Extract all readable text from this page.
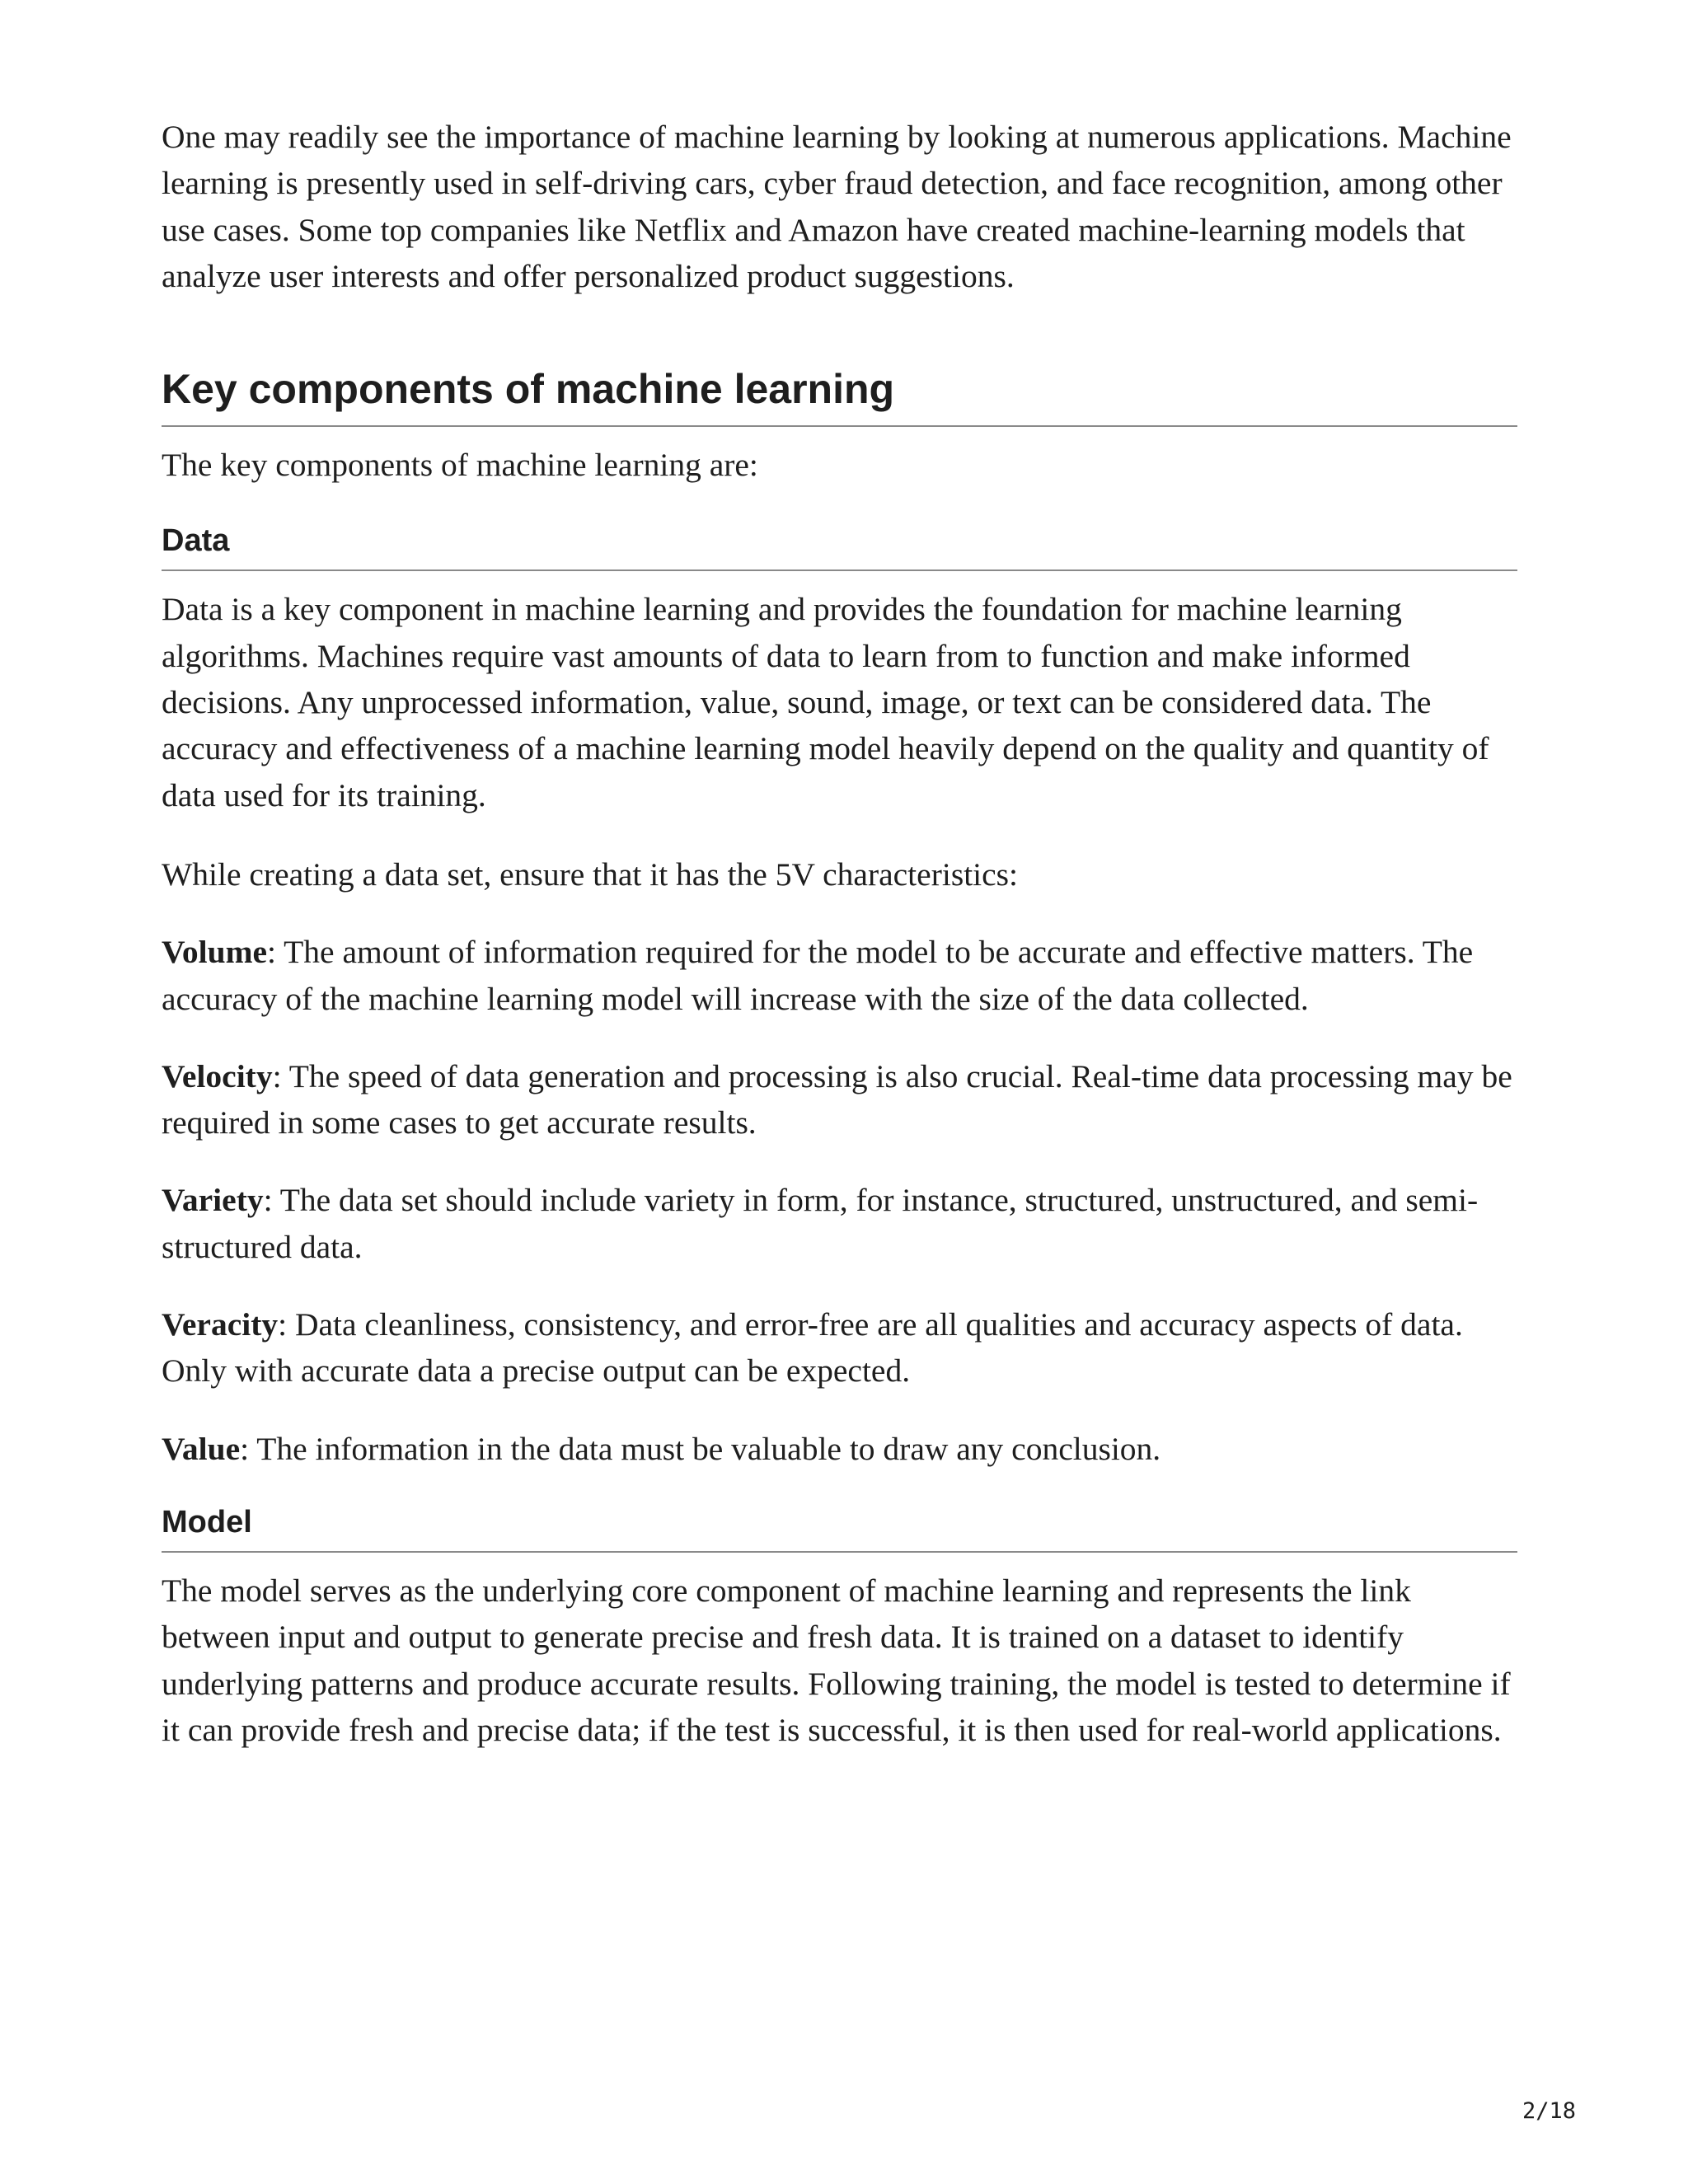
One may readily see the importance of machine learning by looking at numerous applications. Machine learning is presently used in self-driving cars, cyber fraud detection, and face recognition, among other use cases. Some top companies like Netflix and Amazon have created machine-learning models that analyze user interests and offer personalized product suggestions.

Key components of machine learning

The key components of machine learning are:

Data

Data is a key component in machine learning and provides the foundation for machine learning algorithms. Machines require vast amounts of data to learn from to function and make informed decisions. Any unprocessed information, value, sound, image, or text can be considered data. The accuracy and effectiveness of a machine learning model heavily depend on the quality and quantity of data used for its training.

While creating a data set, ensure that it has the 5V characteristics:

Volume: The amount of information required for the model to be accurate and effective matters. The accuracy of the machine learning model will increase with the size of the data collected.

Velocity: The speed of data generation and processing is also crucial. Real-time data processing may be required in some cases to get accurate results.

Variety: The data set should include variety in form, for instance, structured, unstructured, and semi-structured data.

Veracity: Data cleanliness, consistency, and error-free are all qualities and accuracy aspects of data. Only with accurate data a precise output can be expected.

Value: The information in the data must be valuable to draw any conclusion.

Model

The model serves as the underlying core component of machine learning and represents the link between input and output to generate precise and fresh data. It is trained on a dataset to identify underlying patterns and produce accurate results. Following training, the model is tested to determine if it can provide fresh and precise data; if the test is successful, it is then used for real-world applications.

2/18
